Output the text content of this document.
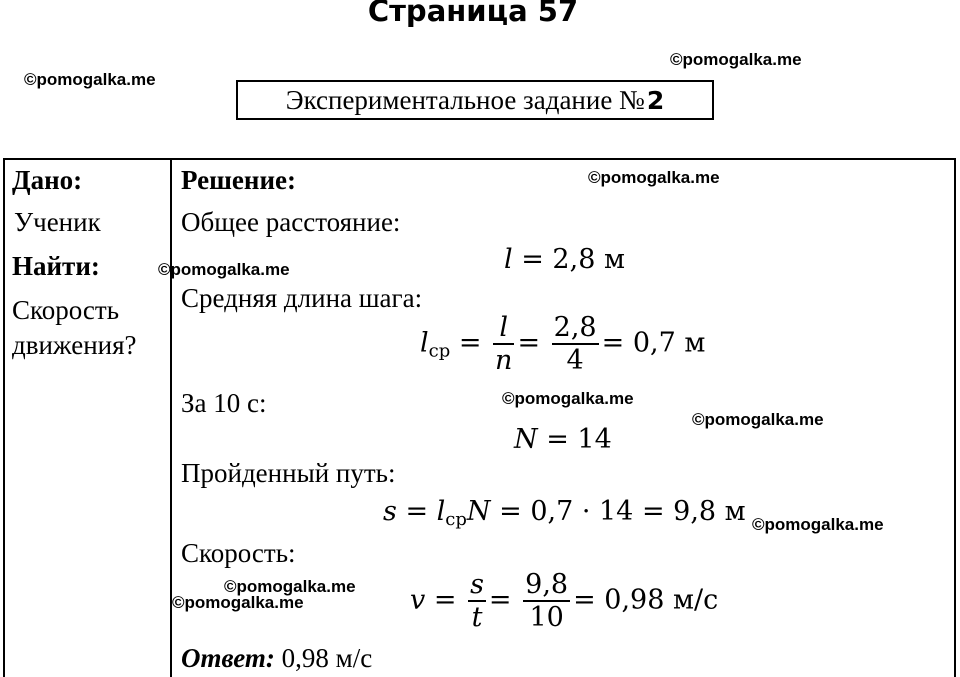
Страница 57
©pomogalka.me
©pomogalka.me
Экспериментальное задание № 2
Дано:
Ученик
Найти:
Скорость
движения?
Решение:	©pomogalka.me
Общее расстояние:
l = 2,8 м
©pomogalka.me
Средняя длина шага:
$l_{ср} = \frac{l}{n} = \frac{2,8}{4} = 0,7$ м
За 10 с:	©pomogalka.me
©pomogalka.me
N = 14
Пройденный путь:
$s = l_{ср}N = 0,7 \cdot 14 = 9,8$ м ©pomogalka.me
Скорость:
©pomogalka.me
©pomogalka.me	$v = \frac{s}{t} = \frac{9,8}{10} = 0,98$ м/с
Ответ: 0,98 м/с
